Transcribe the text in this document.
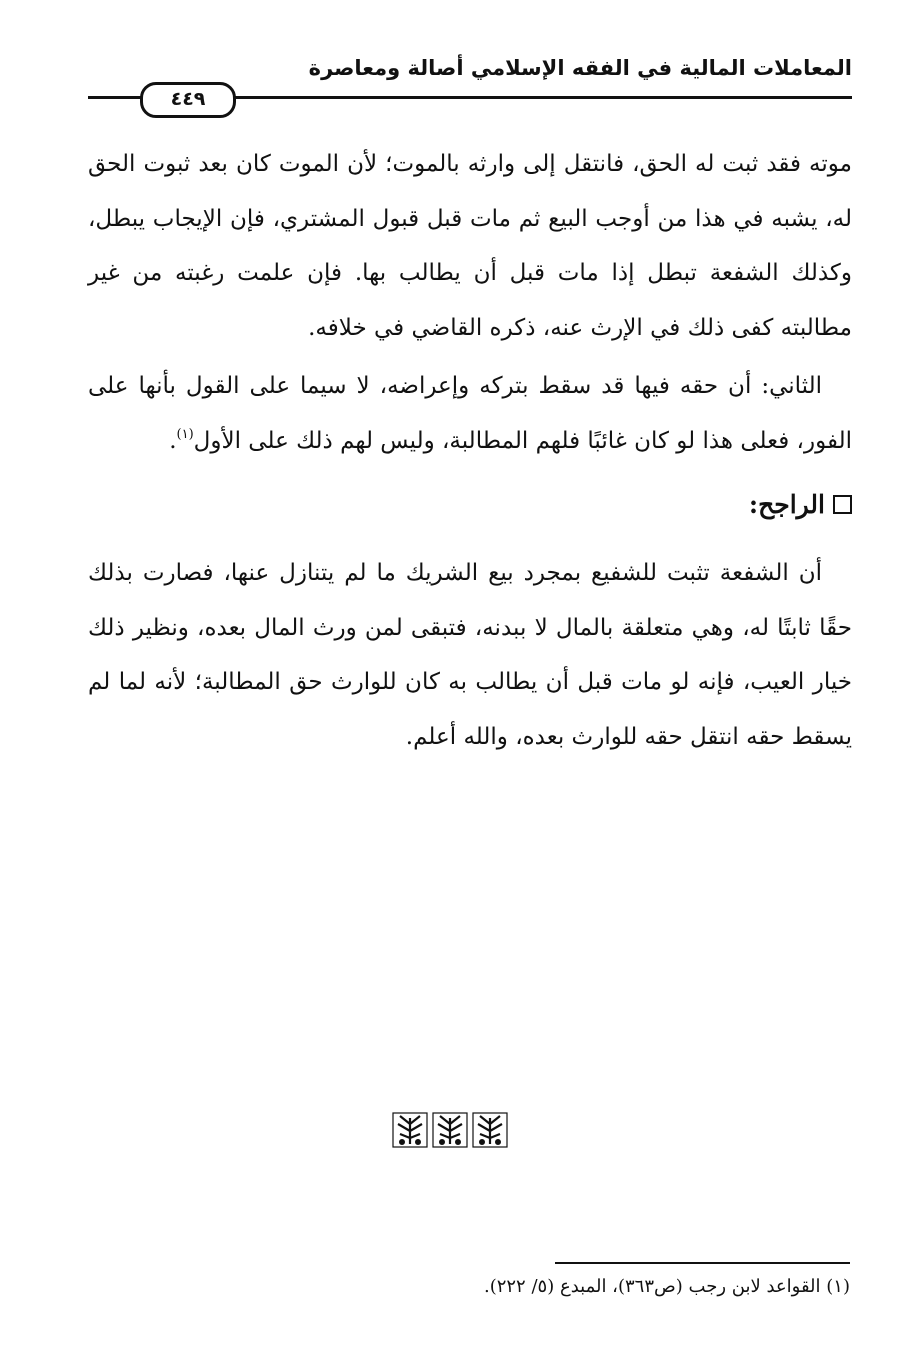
المعاملات المالية في الفقه الإسلامي أصالة ومعاصرة
٤٤٩

موته فقد ثبت له الحق، فانتقل إلى وارثه بالموت؛ لأن الموت كان بعد ثبوت الحق له، يشبه في هذا من أوجب البيع ثم مات قبل قبول المشتري، فإن الإيجاب يبطل، وكذلك الشفعة تبطل إذا مات قبل أن يطالب بها. فإن علمت رغبته من غير مطالبته كفى ذلك في الإرث عنه، ذكره القاضي في خلافه.

الثاني: أن حقه فيها قد سقط بتركه وإعراضه، لا سيما على القول بأنها على الفور، فعلى هذا لو كان غائبًا فلهم المطالبة، وليس لهم ذلك على الأول$^{(١)}$.

الراجح:

أن الشفعة تثبت للشفيع بمجرد بيع الشريك ما لم يتنازل عنها، فصارت بذلك حقًا ثابتًا له، وهي متعلقة بالمال لا ببدنه، فتبقى لمن ورث المال بعده، ونظير ذلك خيار العيب، فإنه لو مات قبل أن يطالب به كان للوارث حق المطالبة؛ لأنه لما لم يسقط حقه انتقل حقه للوارث بعده، والله أعلم.

(١) القواعد لابن رجب (ص٣٦٣)، المبدع (٥/ ٢٢٢).
